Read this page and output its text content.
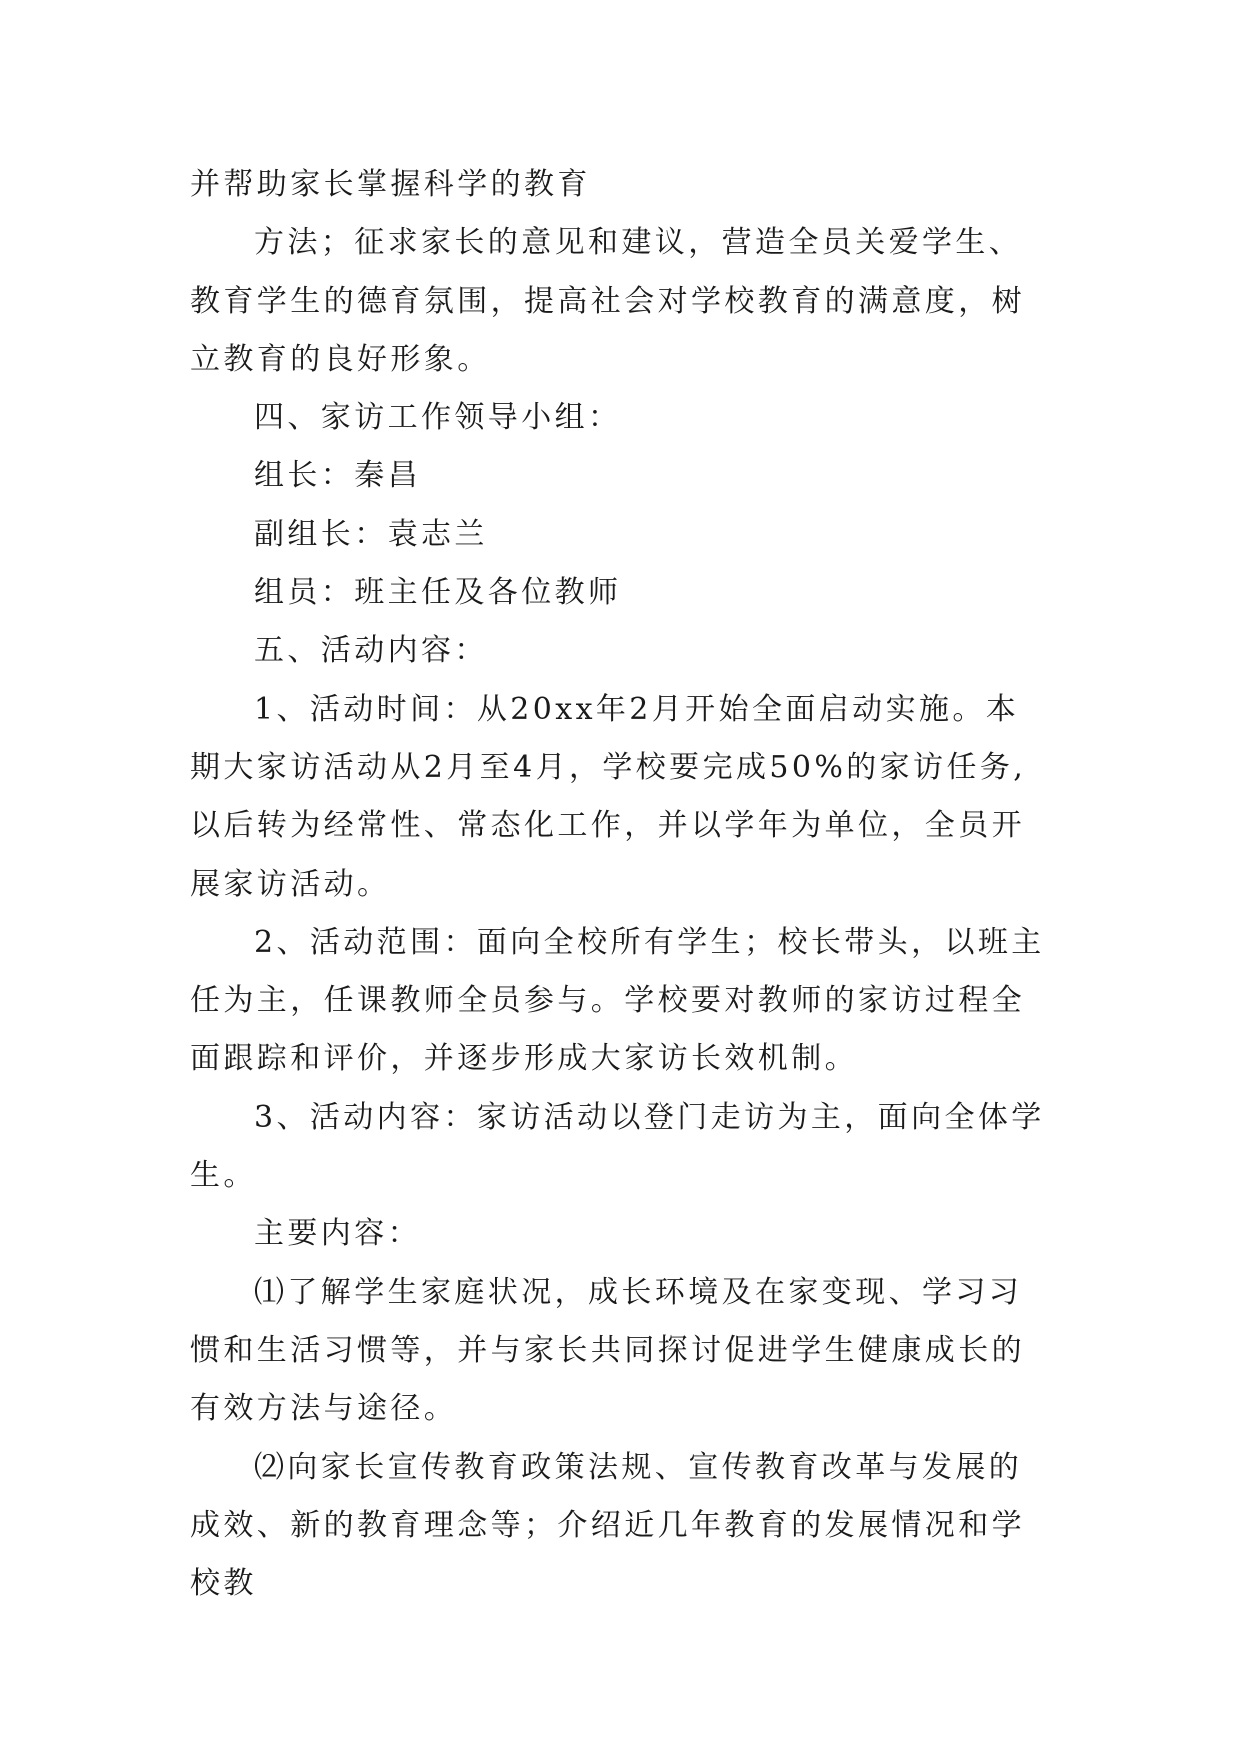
并帮助家长掌握科学的教育

方法；征求家长的意见和建议，营造全员关爱学生、教育学生的德育氛围，提高社会对学校教育的满意度，树立教育的良好形象。

四、家访工作领导小组：

组长：秦昌

副组长：袁志兰

组员：班主任及各位教师

五、活动内容：

1、活动时间：从20xx年2月开始全面启动实施。本期大家访活动从2月至4月，学校要完成50%的家访任务,以后转为经常性、常态化工作，并以学年为单位，全员开展家访活动。

2、活动范围：面向全校所有学生；校长带头，以班主任为主，任课教师全员参与。学校要对教师的家访过程全面跟踪和评价，并逐步形成大家访长效机制。

3、活动内容：家访活动以登门走访为主，面向全体学生。

主要内容：

⑴了解学生家庭状况，成长环境及在家变现、学习习惯和生活习惯等，并与家长共同探讨促进学生健康成长的有效方法与途径。

⑵向家长宣传教育政策法规、宣传教育改革与发展的成效、新的教育理念等；介绍近几年教育的发展情况和学校教
